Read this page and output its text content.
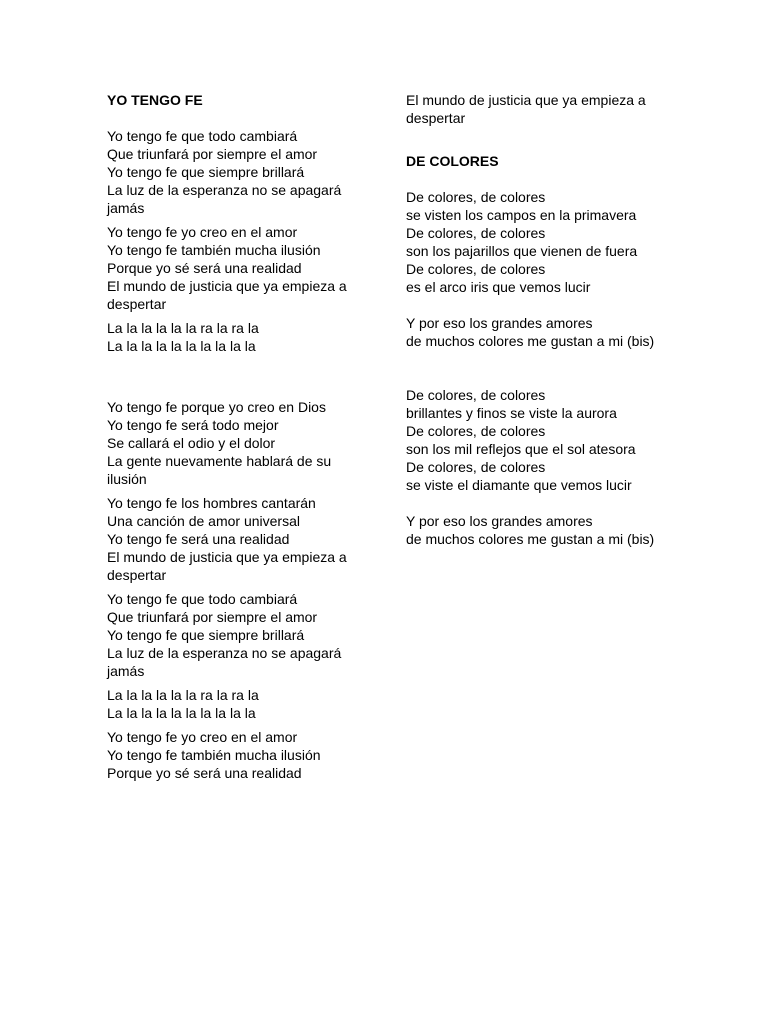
YO TENGO FE

Yo tengo fe que todo cambiará
Que triunfará por siempre el amor
Yo tengo fe que siempre brillará
La luz de la esperanza no se apagará jamás

Yo tengo fe yo creo en el amor
Yo tengo fe también mucha ilusión
Porque yo sé será una realidad
El mundo de justicia que ya empieza a despertar

La la la la la la ra la ra la
La la la la la la la la la la

Yo tengo fe porque yo creo en Dios
Yo tengo fe será todo mejor
Se callará el odio y el dolor
La gente nuevamente hablará de su ilusión

Yo tengo fe los hombres cantarán
Una canción de amor universal
Yo tengo fe será una realidad
El mundo de justicia que ya empieza a despertar

Yo tengo fe que todo cambiará
Que triunfará por siempre el amor
Yo tengo fe que siempre brillará
La luz de la esperanza no se apagará jamás

La la la la la la ra la ra la
La la la la la la la la la la

Yo tengo fe yo creo en el amor
Yo tengo fe también mucha ilusión
Porque yo sé será una realidad

El mundo de justicia que ya empieza a despertar

DE COLORES

De colores, de colores
se visten los campos en la primavera
De colores, de colores
son los pajarillos que vienen de fuera
De colores, de colores
es el arco iris que vemos lucir

Y por eso los grandes amores
de muchos colores me gustan a mi (bis)

De colores, de colores
brillantes y finos se viste la aurora
De colores, de colores
son los mil reflejos que el sol atesora
De colores, de colores
se viste el diamante que vemos lucir

Y por eso los grandes amores
de muchos colores me gustan a mi (bis)
